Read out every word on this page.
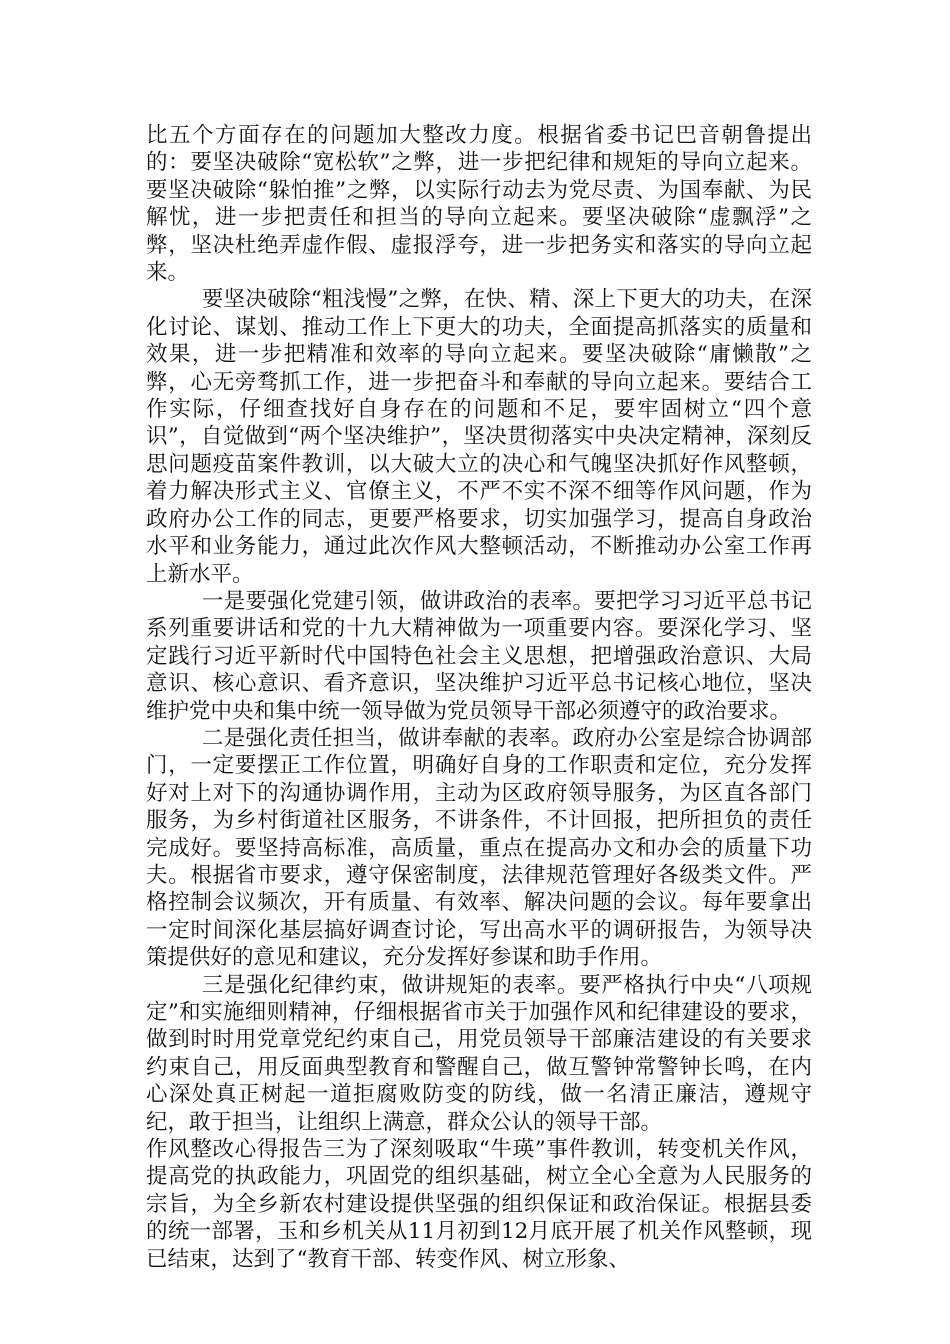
比五个方面存在的问题加大整改力度。根据省委书记巴音朝鲁提出的：要坚决破除“宽松软”之弊，进一步把纪律和规矩的导向立起来。要坚决破除“躲怕推”之弊，以实际行动去为党尽责、为国奉献、为民解忧，进一步把责任和担当的导向立起来。要坚决破除“虚飘浮”之弊，坚决杜绝弄虚作假、虚报浮夸，进一步把务实和落实的导向立起来。

要坚决破除“粗浅慢”之弊，在快、精、深上下更大的功夫，在深化讨论、谋划、推动工作上下更大的功夫，全面提高抓落实的质量和效果，进一步把精准和效率的导向立起来。要坚决破除“庸懒散”之弊，心无旁骛抓工作，进一步把奋斗和奉献的导向立起来。要结合工作实际，仔细查找好自身存在的问题和不足，要牢固树立“四个意识”，自觉做到“两个坚决维护”，坚决贯彻落实中央决定精神，深刻反思问题疫苗案件教训，以大破大立的决心和气魄坚决抓好作风整顿，着力解决形式主义、官僚主义，不严不实不深不细等作风问题，作为政府办公工作的同志，更要严格要求，切实加强学习，提高自身政治水平和业务能力，通过此次作风大整顿活动，不断推动办公室工作再上新水平。

一是要强化党建引领，做讲政治的表率。要把学习习近平总书记系列重要讲话和党的十九大精神做为一项重要内容。要深化学习、坚定践行习近平新时代中国特色社会主义思想，把增强政治意识、大局意识、核心意识、看齐意识，坚决维护习近平总书记核心地位，坚决维护党中央和集中统一领导做为党员领导干部必须遵守的政治要求。

二是强化责任担当，做讲奉献的表率。政府办公室是综合协调部门，一定要摆正工作位置，明确好自身的工作职责和定位，充分发挥好对上对下的沟通协调作用，主动为区政府领导服务，为区直各部门服务，为乡村街道社区服务，不讲条件，不计回报，把所担负的责任完成好。要坚持高标准，高质量，重点在提高办文和办会的质量下功夫。根据省市要求，遵守保密制度，法律规范管理好各级类文件。严格控制会议频次，开有质量、有效率、解决问题的会议。每年要拿出一定时间深化基层搞好调查讨论，写出高水平的调研报告，为领导决策提供好的意见和建议，充分发挥好参谋和助手作用。

三是强化纪律约束，做讲规矩的表率。要严格执行中央“八项规定”和实施细则精神，仔细根据省市关于加强作风和纪律建设的要求，做到时时用党章党纪约束自己，用党员领导干部廉洁建设的有关要求约束自己，用反面典型教育和警醒自己，做互警钟常警钟长鸣，在内心深处真正树起一道拒腐败防变的防线，做一名清正廉洁，遵规守纪，敢于担当，让组织上满意，群众公认的领导干部。

作风整改心得报告三为了深刻吸取“牛瑛”事件教训，转变机关作风，提高党的执政能力，巩固党的组织基础，树立全心全意为人民服务的宗旨，为全乡新农村建设提供坚强的组织保证和政治保证。根据县委的统一部署，玉和乡机关从11月初到12月底开展了机关作风整顿，现已结束，达到了“教育干部、转变作风、树立形象、
